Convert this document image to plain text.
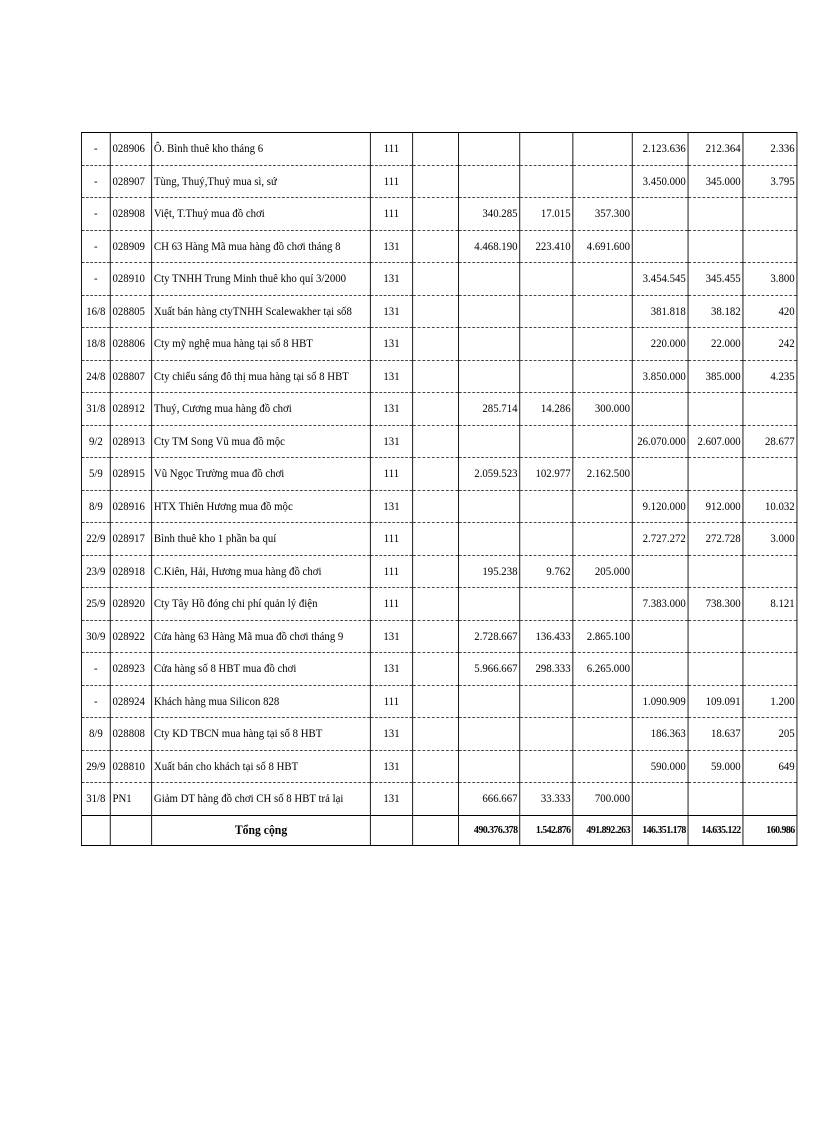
-	028906	Ô. Bình thuê kho tháng 6	111					2.123.636	212.364	2.336
-	028907	Tùng, Thuý,Thuỷ mua sì, sứ	111					3.450.000	345.000	3.795
-	028908	Việt, T.Thuỷ mua đồ chơi	111		340.285	17.015	357.300			
-	028909	CH 63 Hàng Mã mua hàng đồ chơi tháng 8	131		4.468.190	223.410	4.691.600			
-	028910	Cty TNHH Trung Minh thuê kho quí 3/2000	131					3.454.545	345.455	3.800
16/8	028805	Xuất bán hàng ctyTNHH Scalewakher tại số8	131					381.818	38.182	420
18/8	028806	Cty mỹ nghệ mua hàng tại số 8 HBT	131					220.000	22.000	242
24/8	028807	Cty chiếu sáng đô thị mua hàng tại số 8 HBT	131					3.850.000	385.000	4.235
31/8	028912	Thuý, Cương mua hàng đồ chơi	131		285.714	14.286	300.000			
9/2	028913	Cty TM Song Vũ mua đồ mộc	131					26.070.000	2.607.000	28.677
5/9	028915	Vũ Ngọc Trường mua đồ chơi	111		2.059.523	102.977	2.162.500			
8/9	028916	HTX Thiên Hương mua đồ mộc	131					9.120.000	912.000	10.032
22/9	028917	Bình thuê kho 1 phần ba quí	111					2.727.272	272.728	3.000
23/9	028918	C.Kiên, Hải, Hương mua hàng đồ chơi	111		195.238	9.762	205.000			
25/9	028920	Cty Tây Hồ đóng chi phí quản lý điện	111					7.383.000	738.300	8.121
30/9	028922	Cửa hàng 63 Hàng Mã mua đồ chơi tháng 9	131		2.728.667	136.433	2.865.100			
-	028923	Cửa hàng số 8 HBT mua đồ chơi	131		5.966.667	298.333	6.265.000			
-	028924	Khách hàng mua Silicon 828	111					1.090.909	109.091	1.200
8/9	028808	Cty KD TBCN mua hàng tại số 8 HBT	131					186.363	18.637	205
29/9	028810	Xuất bán cho khách tại số 8 HBT	131					590.000	59.000	649
31/8	PN1	Giảm DT hàng đồ chơi CH số 8 HBT trả lại	131		666.667	33.333	700.000			
		Tổng cộng			490.376.378	1.542.876	491.892.263	146.351.178	14.635.122	160.986
